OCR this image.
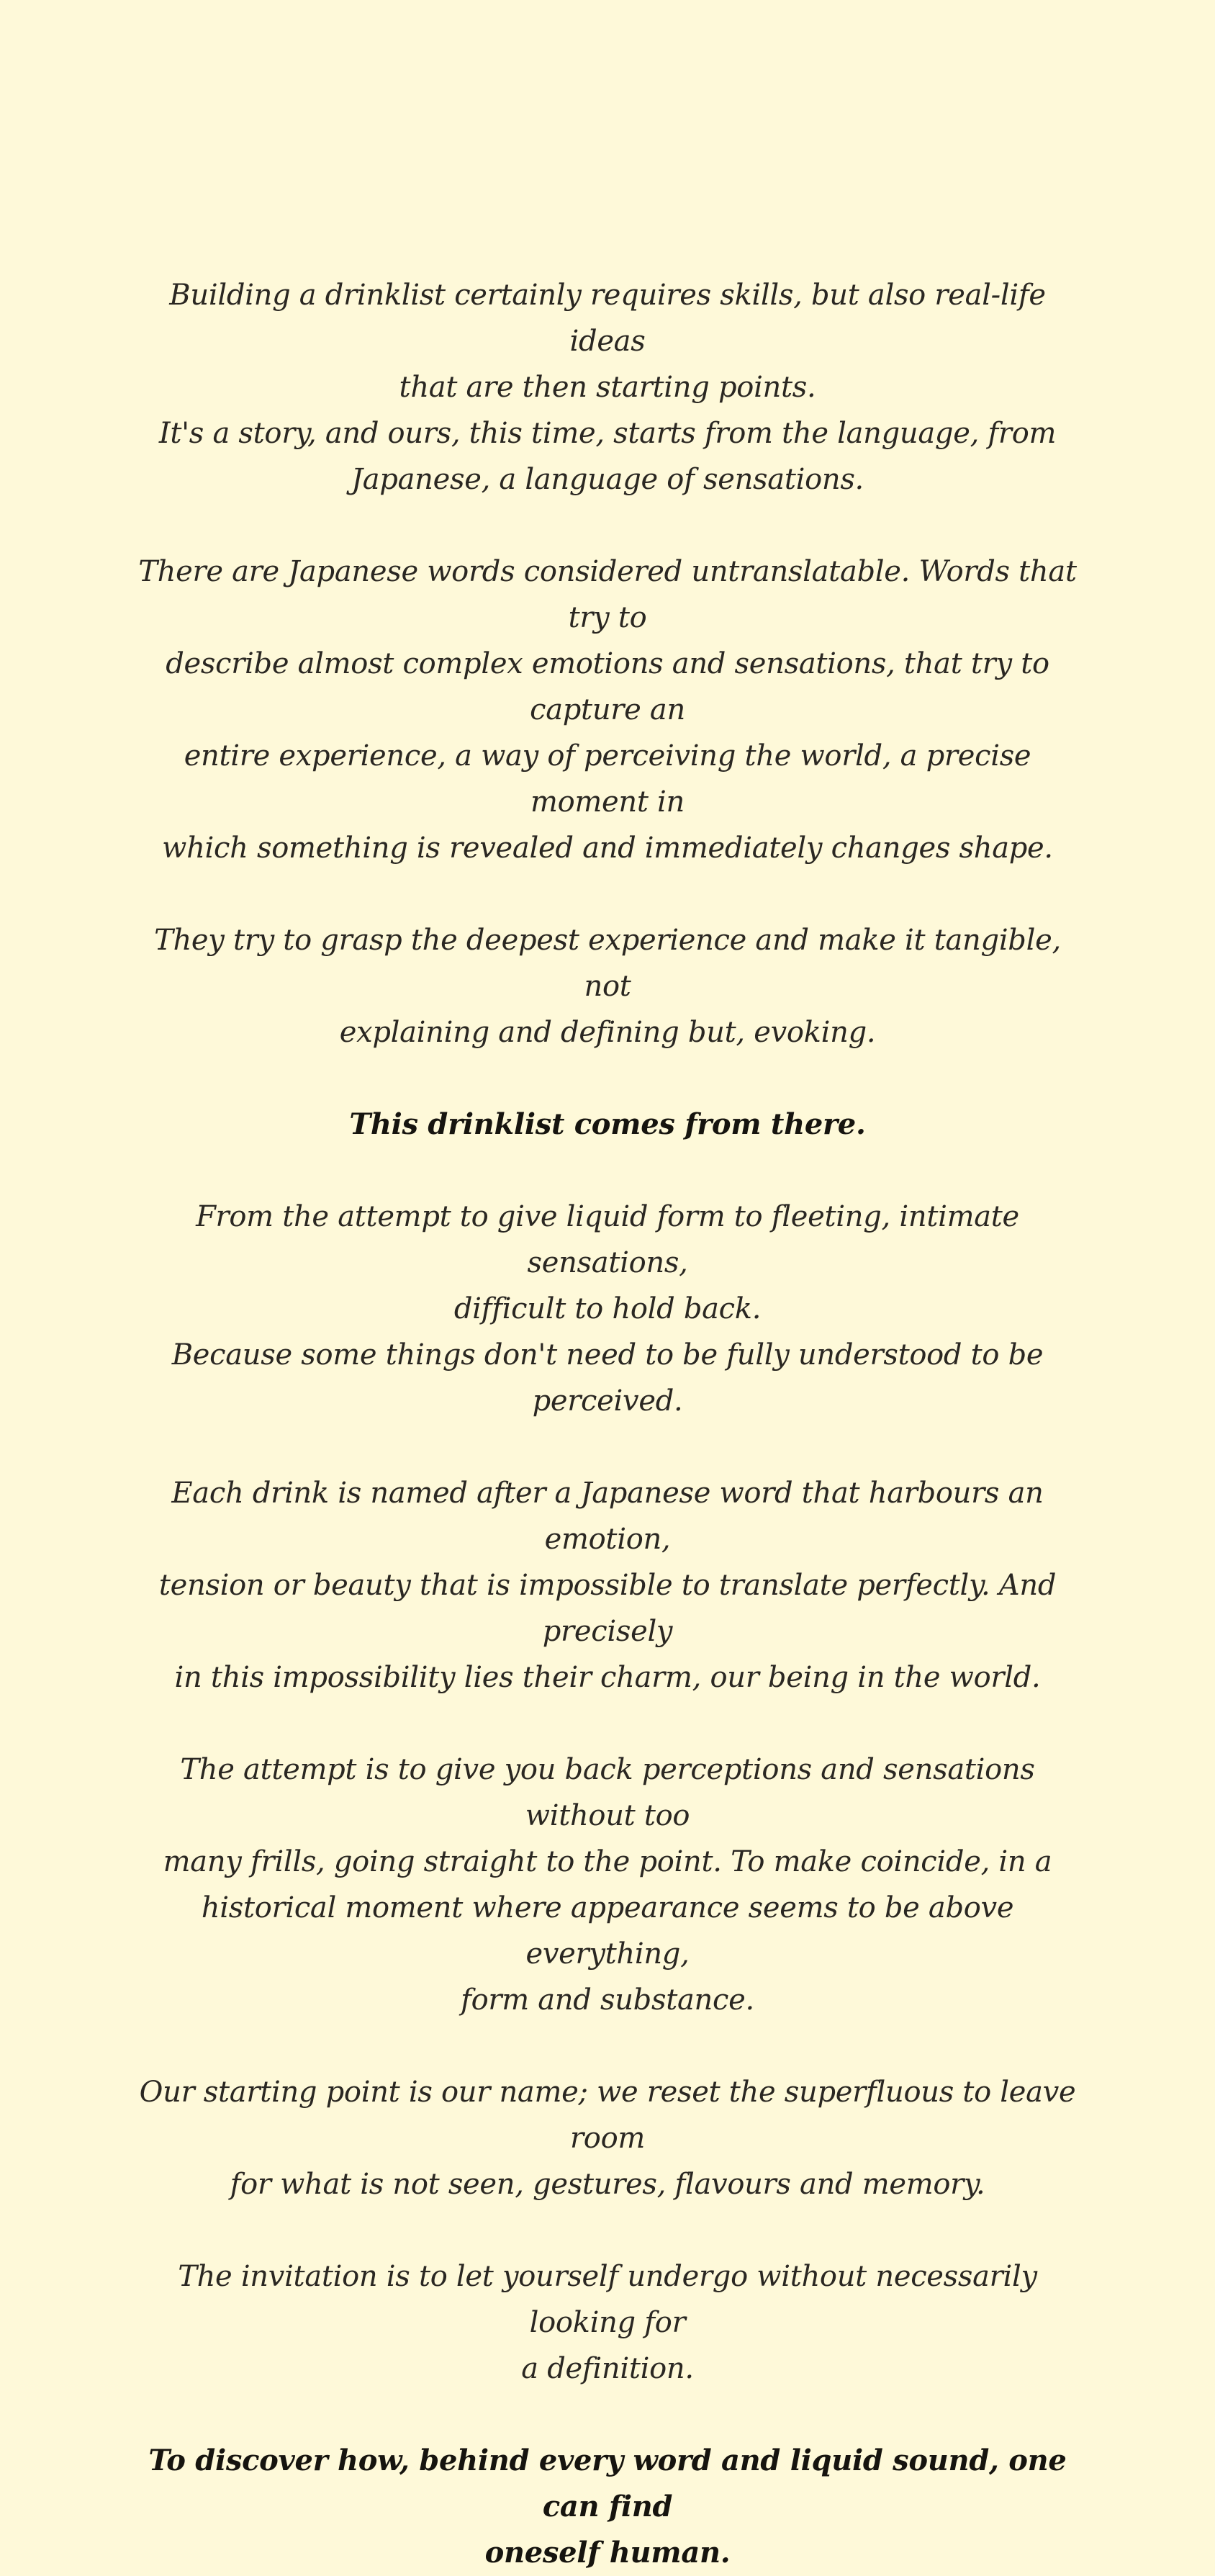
Building a drinklist certainly requires skills, but also real-life ideas
that are then starting points.
It's a story, and ours, this time, starts from the language, from
Japanese, a language of sensations.

There are Japanese words considered untranslatable. Words that try to
describe almost complex emotions and sensations, that try to capture an
entire experience, a way of perceiving the world, a precise moment in
which something is revealed and immediately changes shape.

They try to grasp the deepest experience and make it tangible, not
explaining and defining but, evoking.

This drinklist comes from there.

From the attempt to give liquid form to fleeting, intimate sensations,
difficult to hold back.
Because some things don't need to be fully understood to be perceived.

Each drink is named after a Japanese word that harbours an emotion,
tension or beauty that is impossible to translate perfectly. And precisely
in this impossibility lies their charm, our being in the world.

The attempt is to give you back perceptions and sensations without too
many frills, going straight to the point. To make coincide, in a
historical moment where appearance seems to be above everything,
form and substance.

Our starting point is our name; we reset the superfluous to leave room
for what is not seen, gestures, flavours and memory.

The invitation is to let yourself undergo without necessarily looking for
a definition.

To discover how, behind every word and liquid sound, one can find
oneself human.
